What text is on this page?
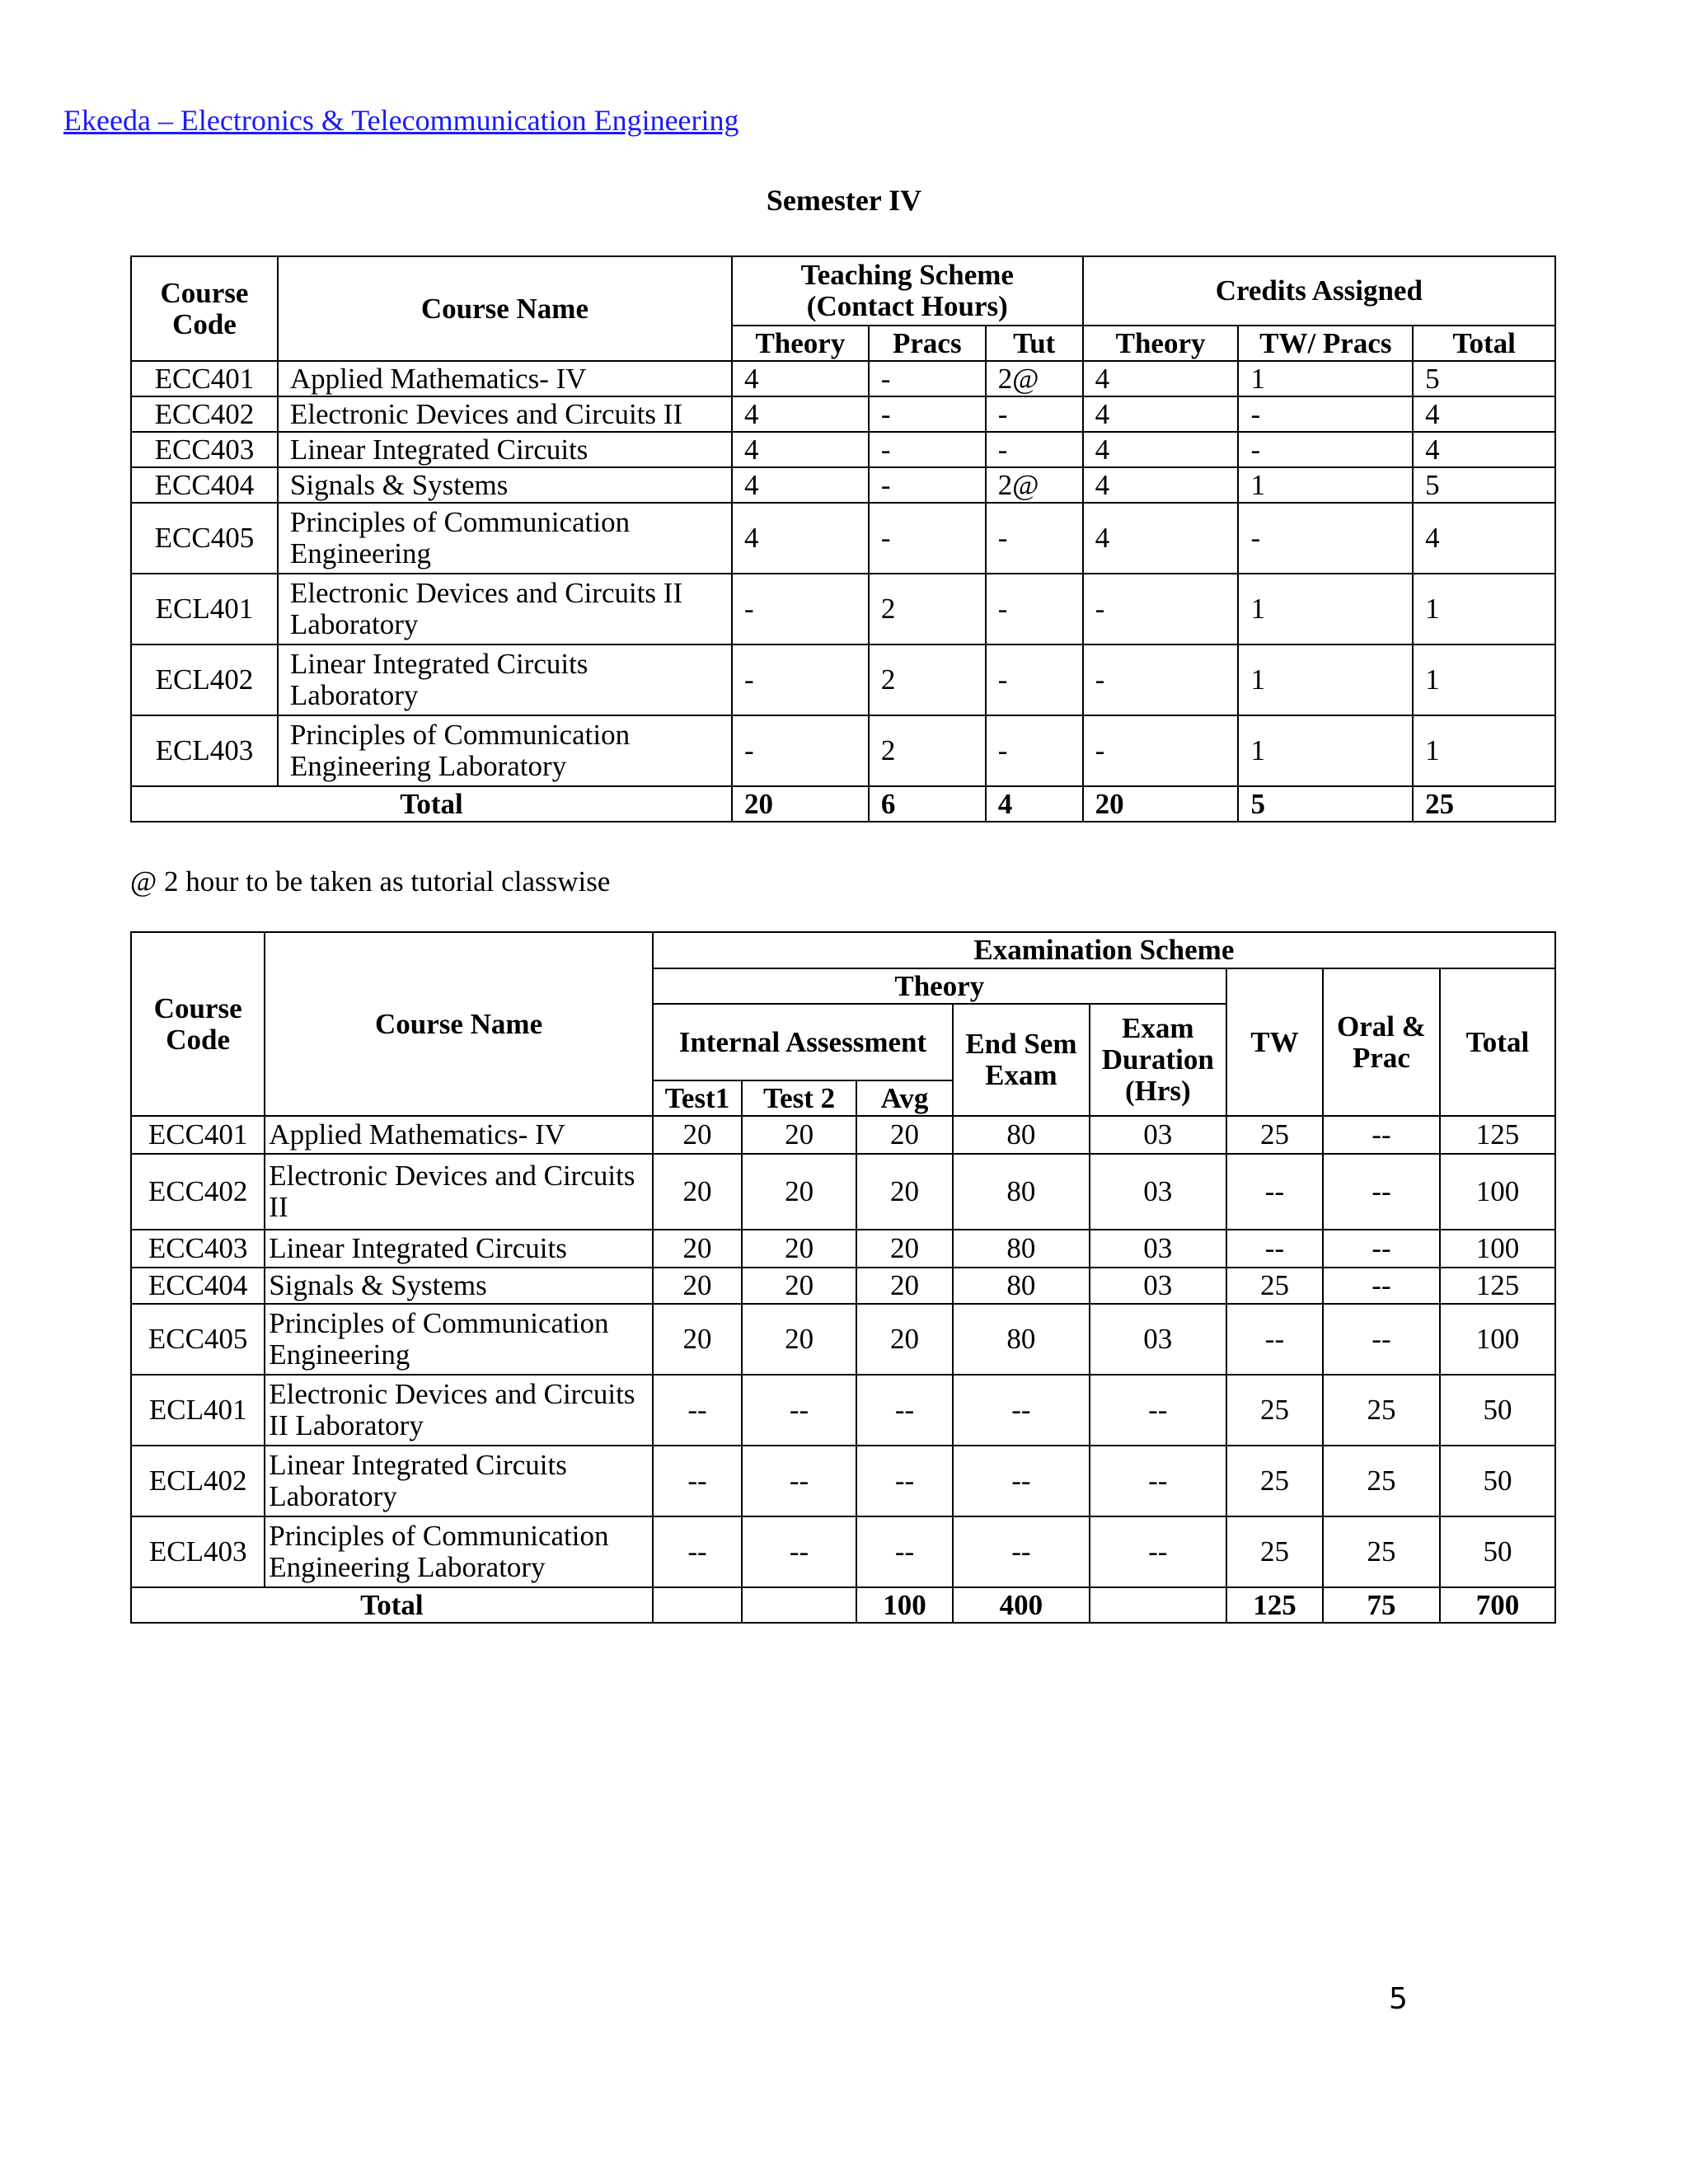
Ekeeda – Electronics & Telecommunication Engineering
Semester IV
Course Code	Course Name	Teaching Scheme (Contact Hours)			Credits Assigned		
		Theory	Pracs	Tut	Theory	TW/ Pracs	Total
ECC401	Applied Mathematics- IV	4	-	2@	4	1	5
ECC402	Electronic Devices and Circuits II	4	-	-	4	-	4
ECC403	Linear Integrated Circuits	4	-	-	4	-	4
ECC404	Signals & Systems	4	-	2@	4	1	5
ECC405	Principles of Communication Engineering	4	-	-	4	-	4
ECL401	Electronic Devices and Circuits II Laboratory	-	2	-	-	1	1
ECL402	Linear Integrated Circuits Laboratory	-	2	-	-	1	1
ECL403	Principles of Communication Engineering Laboratory	-	2	-	-	1	1
Total		20	6	4	20	5	25
@ 2 hour to be taken as tutorial classwise
Course Code	Course Name	Examination Scheme							
		Theory					TW	Oral & Prac	Total
		Internal Assessment			End Sem Exam	Exam Duration (Hrs)			
		Test1	Test 2	Avg					
ECC401	Applied Mathematics- IV	20	20	20	80	03	25	--	125
ECC402	Electronic Devices and Circuits II	20	20	20	80	03	--	--	100
ECC403	Linear Integrated Circuits	20	20	20	80	03	--	--	100
ECC404	Signals & Systems	20	20	20	80	03	25	--	125
ECC405	Principles of Communication Engineering	20	20	20	80	03	--	--	100
ECL401	Electronic Devices and Circuits II Laboratory	--	--	--	--	--	25	25	50
ECL402	Linear Integrated Circuits Laboratory	--	--	--	--	--	25	25	50
ECL403	Principles of Communication Engineering Laboratory	--	--	--	--	--	25	25	50
Total				100	400		125	75	700
5
